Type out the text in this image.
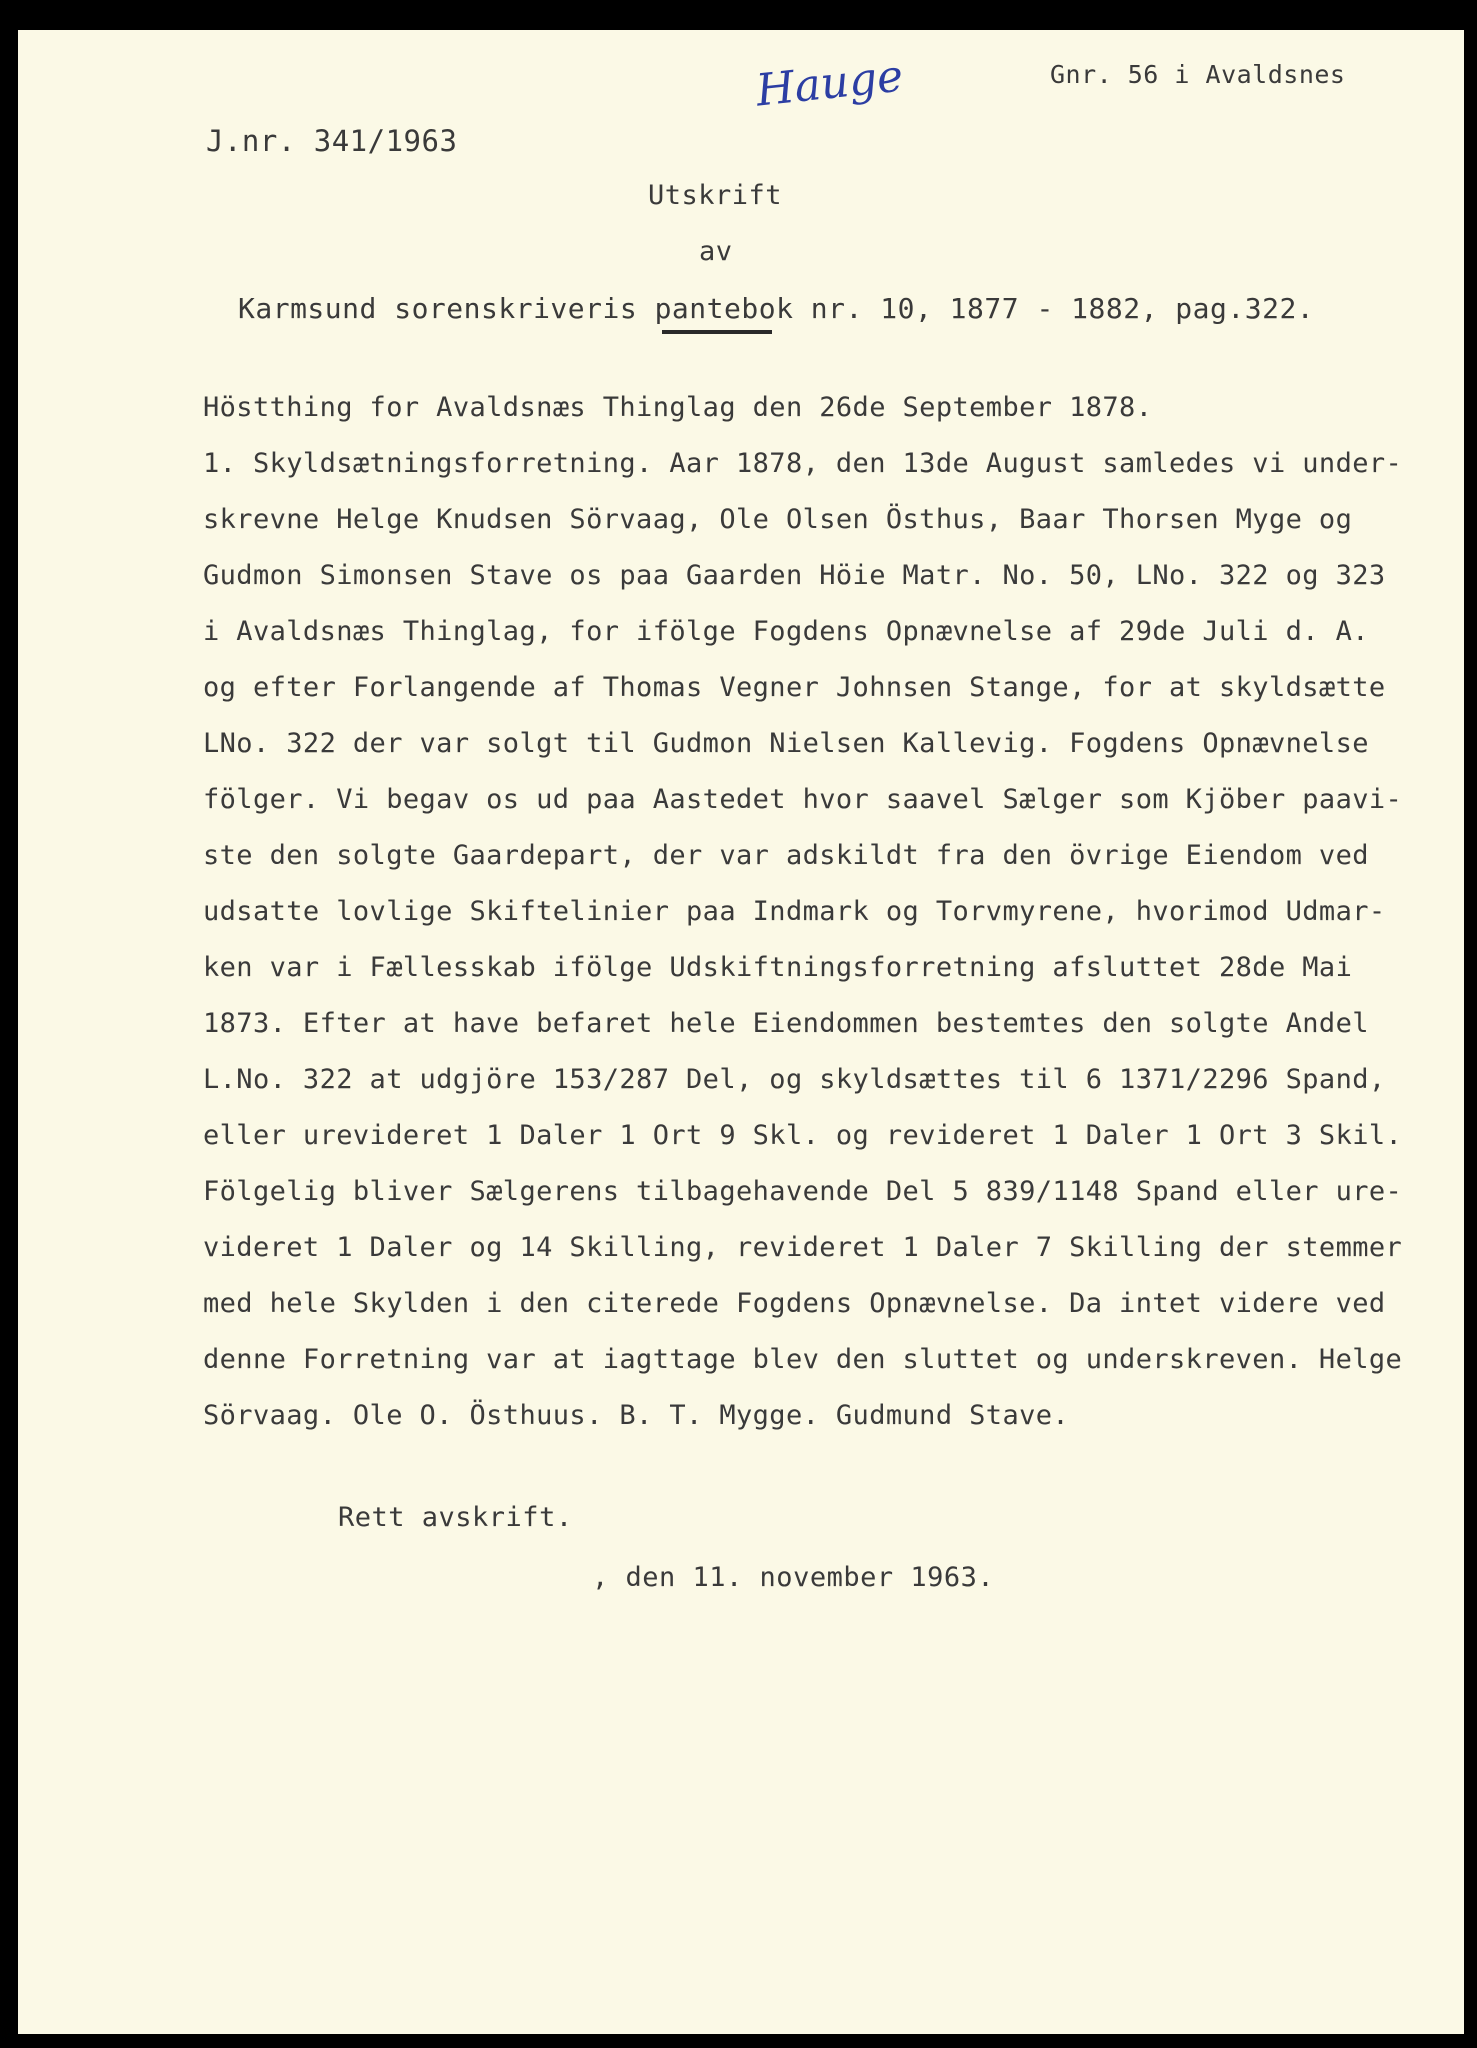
Hauge	Gnr. 56 i Avaldsnes
J.nr. 341/1963
Utskrift
av
Karmsund sorenskriveris pantebok nr. 10, 1877 - 1882, pag.322.
Höstthing for Avaldsnæs Thinglag den 26de September 1878.
1. Skyldsætningsforretning. Aar 1878, den 13de August samledes vi under-
skrevne Helge Knudsen Sörvaag, Ole Olsen Östhus, Baar Thorsen Myge og
Gudmon Simonsen Stave os paa Gaarden Höie Matr. No. 50, LNo. 322 og 323
i Avaldsnæs Thinglag, for ifölge Fogdens Opnævnelse af 29de Juli d. A.
og efter Forlangende af Thomas Vegner Johnsen Stange, for at skyldsætte
LNo. 322 der var solgt til Gudmon Nielsen Kallevig. Fogdens Opnævnelse
fölger. Vi begav os ud paa Aastedet hvor saavel Sælger som Kjöber paavi-
ste den solgte Gaardepart, der var adskildt fra den övrige Eiendom ved
udsatte lovlige Skiftelinier paa Indmark og Torvmyrene, hvorimod Udmar-
ken var i Fællesskab ifölge Udskiftningsforretning afsluttet 28de Mai
1873. Efter at have befaret hele Eiendommen bestemtes den solgte Andel
L.No. 322 at udgjöre 153/287 Del, og skyldsættes til 6 1371/2296 Spand,
eller urevideret 1 Daler 1 Ort 9 Skl. og revideret 1 Daler 1 Ort 3 Skil.
Fölgelig bliver Sælgerens tilbagehavende Del 5 839/1148 Spand eller ure-
videret 1 Daler og 14 Skilling, revideret 1 Daler 7 Skilling der stemmer
med hele Skylden i den citerede Fogdens Opnævnelse. Da intet videre ved
denne Forretning var at iagttage blev den sluttet og underskreven. Helge
Sörvaag. Ole O. Östhuus. B. T. Mygge. Gudmund Stave.
Rett avskrift.
, den 11. november 1963.
